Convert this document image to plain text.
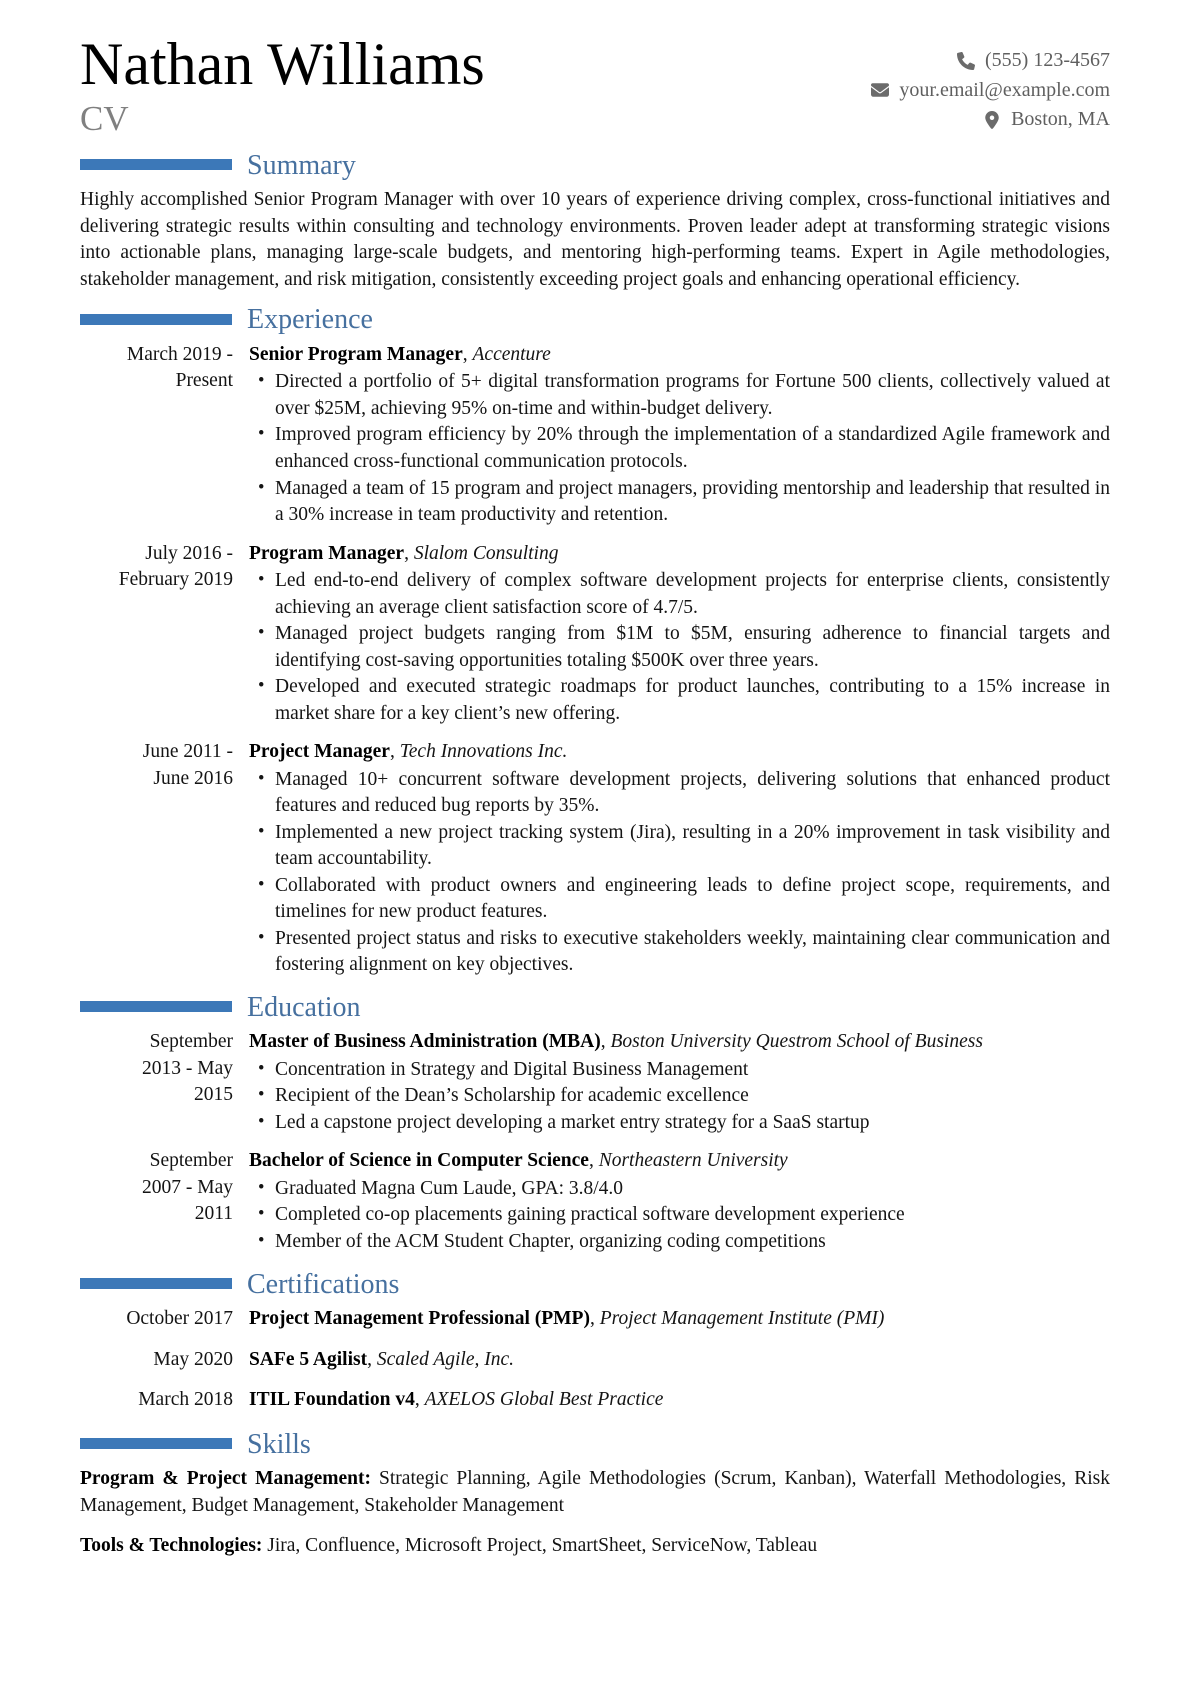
Nathan Williams
CV
(555) 123-4567
your.email@example.com
Boston, MA
Summary

Highly accomplished Senior Program Manager with over 10 years of experience driving complex, cross-functional initiatives and delivering strategic results within consulting and technology environments. Proven leader adept at transforming strategic visions into actionable plans, managing large-scale budgets, and mentoring high-performing teams. Expert in Agile methodologies, stakeholder management, and risk mitigation, consistently exceeding project goals and enhancing operational efficiency.

Experience
March 2019 -
Present

Senior Program Manager, Accenture

• Directed a portfolio of 5+ digital transformation programs for Fortune 500 clients, collectively valued at over $25M, achieving 95% on-time and within-budget delivery.
• Improved program efficiency by 20% through the implementation of a standardized Agile framework and enhanced cross-functional communication protocols.
• Managed a team of 15 program and project managers, providing mentorship and leadership that resulted in a 30% increase in team productivity and retention.
July 2016 -
February 2019

Program Manager, Slalom Consulting

• Led end-to-end delivery of complex software development projects for enterprise clients, consistently achieving an average client satisfaction score of 4.7/5.
• Managed project budgets ranging from $1M to $5M, ensuring adherence to financial targets and identifying cost-saving opportunities totaling $500K over three years.
• Developed and executed strategic roadmaps for product launches, contributing to a 15% increase in market share for a key client’s new offering.
June 2011 -
June 2016

Project Manager, Tech Innovations Inc.

• Managed 10+ concurrent software development projects, delivering solutions that enhanced product features and reduced bug reports by 35%.
• Implemented a new project tracking system (Jira), resulting in a 20% improvement in task visibility and team accountability.
• Collaborated with product owners and engineering leads to define project scope, requirements, and timelines for new product features.
• Presented project status and risks to executive stakeholders weekly, maintaining clear communication and fostering alignment on key objectives.
Education
September
2013 - May
2015

Master of Business Administration (MBA), Boston University Questrom School of Business

• Concentration in Strategy and Digital Business Management
• Recipient of the Dean’s Scholarship for academic excellence
• Led a capstone project developing a market entry strategy for a SaaS startup
September
2007 - May
2011

Bachelor of Science in Computer Science, Northeastern University

• Graduated Magna Cum Laude, GPA: 3.8/4.0
• Completed co-op placements gaining practical software development experience
• Member of the ACM Student Chapter, organizing coding competitions
Certifications
October 2017 Project Management Professional (PMP), Project Management Institute (PMI)

May 2020 SAFe 5 Agilist, Scaled Agile, Inc.

March 2018 ITIL Foundation v4, AXELOS Global Best Practice

Skills

Program & Project Management: Strategic Planning, Agile Methodologies (Scrum, Kanban), Waterfall Methodologies, Risk Management, Budget Management, Stakeholder Management

Tools & Technologies: Jira, Confluence, Microsoft Project, SmartSheet, ServiceNow, Tableau
